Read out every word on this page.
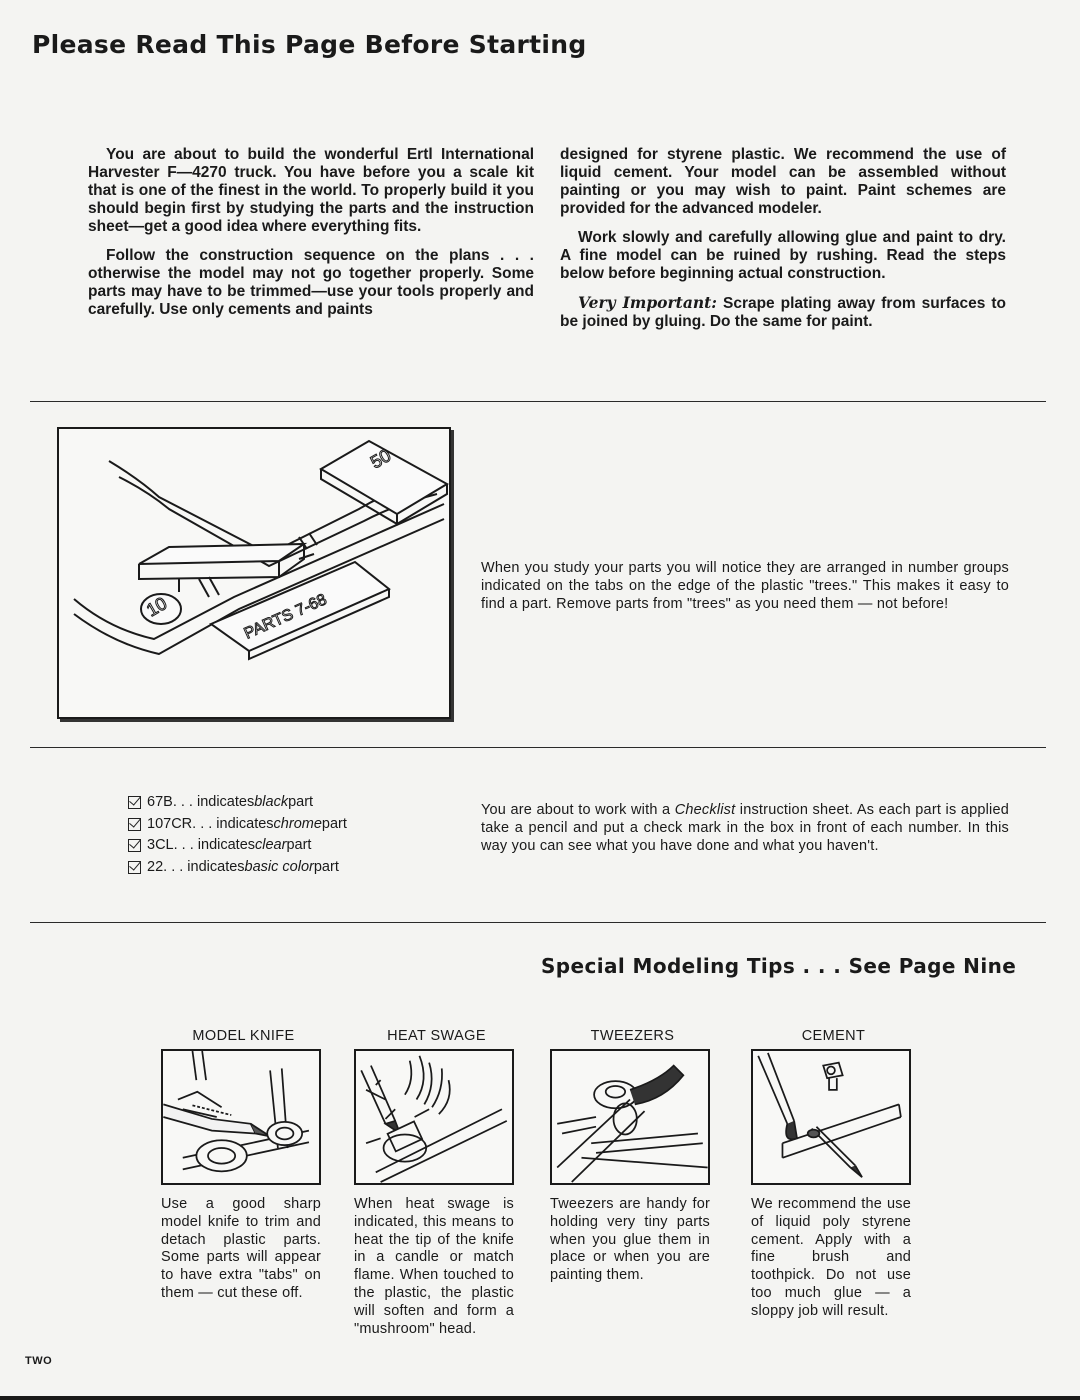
Please Read This Page Before Starting

You are about to build the wonderful Ertl International Harvester F—4270 truck. You have before you a scale kit that is one of the finest in the world. To properly build it you should begin first by studying the parts and the instruction sheet—get a good idea where everything fits.

Follow the construction sequence on the plans . . . otherwise the model may not go together properly. Some parts may have to be trimmed—use your tools properly and carefully. Use only cements and paints

designed for styrene plastic. We recommend the use of liquid cement. Your model can be assembled without painting or you may wish to paint. Paint schemes are provided for the advanced modeler.

Work slowly and carefully allowing glue and paint to dry. A fine model can be ruined by rushing. Read the steps below before beginning actual construction.

Very Important: Scrape plating away from surfaces to be joined by gluing. Do the same for paint.

50
10	PARTS 7-68
When you study your parts you will notice they are arranged in number groups indicated on the tabs on the edge of the plastic "trees." This makes it easy to find a part. Remove parts from "trees" as you need them — not before!
67B . . . indicates black part
107CR . . . indicates chrome part
3CL . . . indicates clear part
22 . . . indicates basic color part
You are about to work with a Checklist instruction sheet. As each part is applied take a pencil and put a check mark in the box in front of each number. In this way you can see what you have done and what you haven't.
Special Modeling Tips . . . See Page Nine
MODEL KNIFE
Use a good sharp model knife to trim and detach plastic parts. Some parts will appear to have extra "tabs" on them — cut these off.
HEAT SWAGE
When heat swage is indicated, this means to heat the tip of the knife in a candle or match flame. When touched to the plastic, the plastic will soften and form a "mushroom" head.
TWEEZERS
Tweezers are handy for holding very tiny parts when you glue them in place or when you are painting them.
CEMENT
We recommend the use of liquid poly styrene cement. Apply with a fine brush and toothpick. Do not use too much glue — a sloppy job will result.
TWO
